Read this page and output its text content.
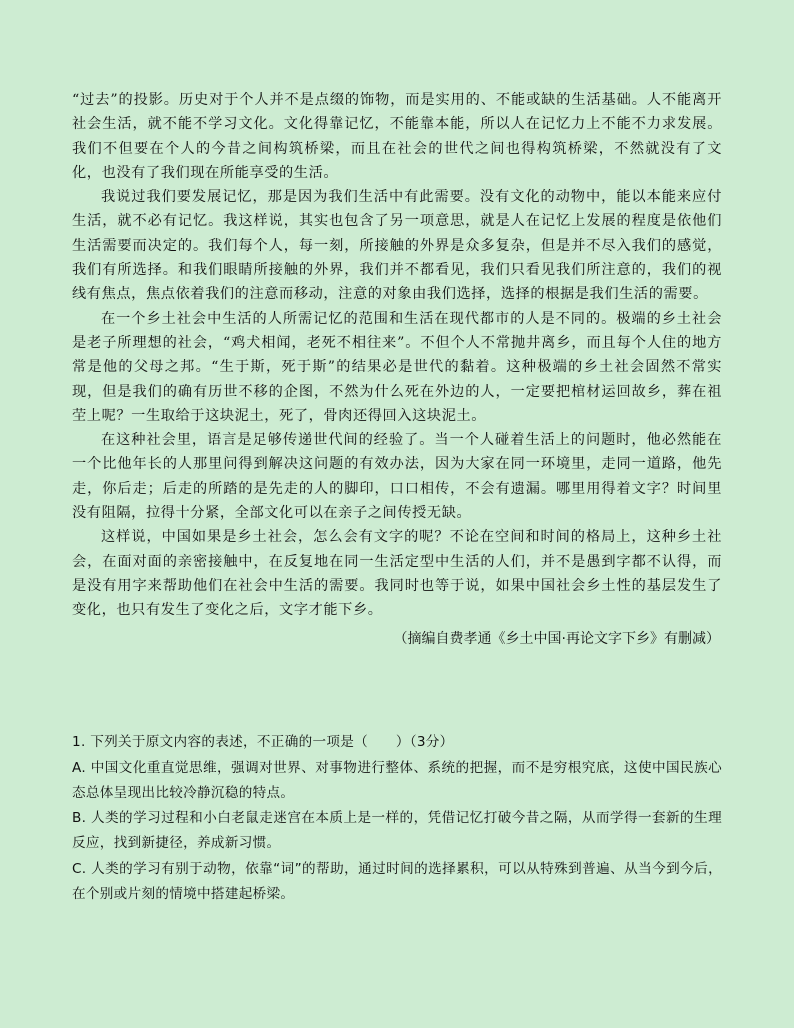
“过去”的投影。历史对于个人并不是点缀的饰物，而是实用的、不能或缺的生活基础。人不能离开社会生活，就不能不学习文化。文化得靠记忆，不能靠本能，所以人在记忆力上不能不力求发展。我们不但要在个人的今昔之间构筑桥梁，而且在社会的世代之间也得构筑桥梁，不然就没有了文化，也没有了我们现在所能享受的生活。

我说过我们要发展记忆，那是因为我们生活中有此需要。没有文化的动物中，能以本能来应付生活，就不必有记忆。我这样说，其实也包含了另一项意思，就是人在记忆上发展的程度是依他们生活需要而决定的。我们每个人，每一刻，所接触的外界是众多复杂，但是并不尽入我们的感觉，我们有所选择。和我们眼睛所接触的外界，我们并不都看见，我们只看见我们所注意的，我们的视线有焦点，焦点依着我们的注意而移动，注意的对象由我们选择，选择的根据是我们生活的需要。

在一个乡土社会中生活的人所需记忆的范围和生活在现代都市的人是不同的。极端的乡土社会是老子所理想的社会，“鸡犬相闻，老死不相往来”。不但个人不常抛井离乡，而且每个人住的地方常是他的父母之邦。“生于斯，死于斯”的结果必是世代的黏着。这种极端的乡土社会固然不常实现，但是我们的确有历世不移的企图，不然为什么死在外边的人，一定要把棺材运回故乡，葬在祖茔上呢？一生取给于这块泥土，死了，骨肉还得回入这块泥土。

在这种社会里，语言是足够传递世代间的经验了。当一个人碰着生活上的问题时，他必然能在一个比他年长的人那里问得到解决这问题的有效办法，因为大家在同一环境里，走同一道路，他先走，你后走；后走的所踏的是先走的人的脚印，口口相传，不会有遗漏。哪里用得着文字？时间里没有阻隔，拉得十分紧，全部文化可以在亲子之间传授无缺。

这样说，中国如果是乡土社会，怎么会有文字的呢？不论在空间和时间的格局上，这种乡土社会，在面对面的亲密接触中，在反复地在同一生活定型中生活的人们，并不是愚到字都不认得，而是没有用字来帮助他们在社会中生活的需要。我同时也等于说，如果中国社会乡土性的基层发生了变化，也只有发生了变化之后，文字才能下乡。

（摘编自费孝通《乡土中国·再论文字下乡》有删减）

1. 下列关于原文内容的表述，不正确的一项是（　　）（3分）

A. 中国文化重直觉思维，强调对世界、对事物进行整体、系统的把握，而不是穷根究底，这使中国民族心态总体呈现出比较冷静沉稳的特点。

B. 人类的学习过程和小白老鼠走迷宫在本质上是一样的，凭借记忆打破今昔之隔，从而学得一套新的生理反应，找到新捷径，养成新习惯。

C. 人类的学习有别于动物，依靠“词”的帮助，通过时间的选择累积，可以从特殊到普遍、从当今到今后，在个别或片刻的情境中搭建起桥梁。
